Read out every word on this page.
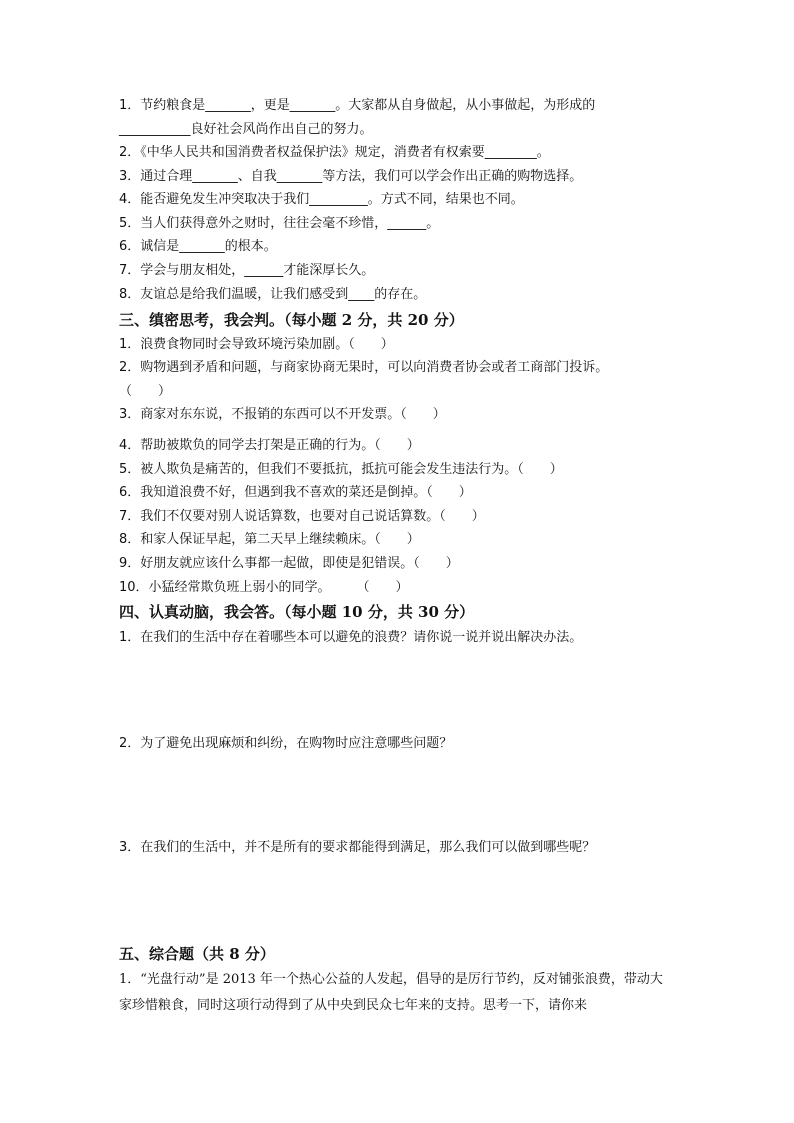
1．节约粮食是_______，更是_______。大家都从自身做起，从小事做起，为形成的
___________良好社会风尚作出自己的努力。
2．《中华人民共和国消费者权益保护法》规定，消费者有权索要________。
3．通过合理_______、自我_______等方法，我们可以学会作出正确的购物选择。
4．能否避免发生冲突取决于我们_________。方式不同，结果也不同。
5．当人们获得意外之财时，往往会毫不珍惜，______。
6．诚信是_______的根本。
7．学会与朋友相处，______才能深厚长久。
8．友谊总是给我们温暖，让我们感受到____的存在。
三、缜密思考，我会判。（每小题 2 分，共 20 分）
1．浪费食物同时会导致环境污染加剧。（　　）
2．购物遇到矛盾和问题，与商家协商无果时，可以向消费者协会或者工商部门投诉。
（　　）
3．商家对东东说，不报销的东西可以不开发票。（　　）
4．帮助被欺负的同学去打架是正确的行为。（　　）
5．被人欺负是痛苦的，但我们不要抵抗，抵抗可能会发生违法行为。（　　）
6．我知道浪费不好，但遇到我不喜欢的菜还是倒掉。（　　）
7．我们不仅要对别人说话算数，也要对自己说话算数。（　　）
8．和家人保证早起，第二天早上继续赖床。（　　）
9．好朋友就应该什么事都一起做，即使是犯错误。（　　）
10．小猛经常欺负班上弱小的同学。　　　（　　）
四、认真动脑，我会答。（每小题 10 分，共 30 分）
1．在我们的生活中存在着哪些本可以避免的浪费？请你说一说并说出解决办法。
2．为了避免出现麻烦和纠纷，在购物时应注意哪些问题？
3．在我们的生活中，并不是所有的要求都能得到满足，那么我们可以做到哪些呢？
五、综合题（共 8 分）
1．“光盘行动”是 2013 年一个热心公益的人发起，倡导的是厉行节约，反对铺张浪费，带动大家珍惜粮食，同时这项行动得到了从中央到民众七年来的支持。思考一下，请你来
